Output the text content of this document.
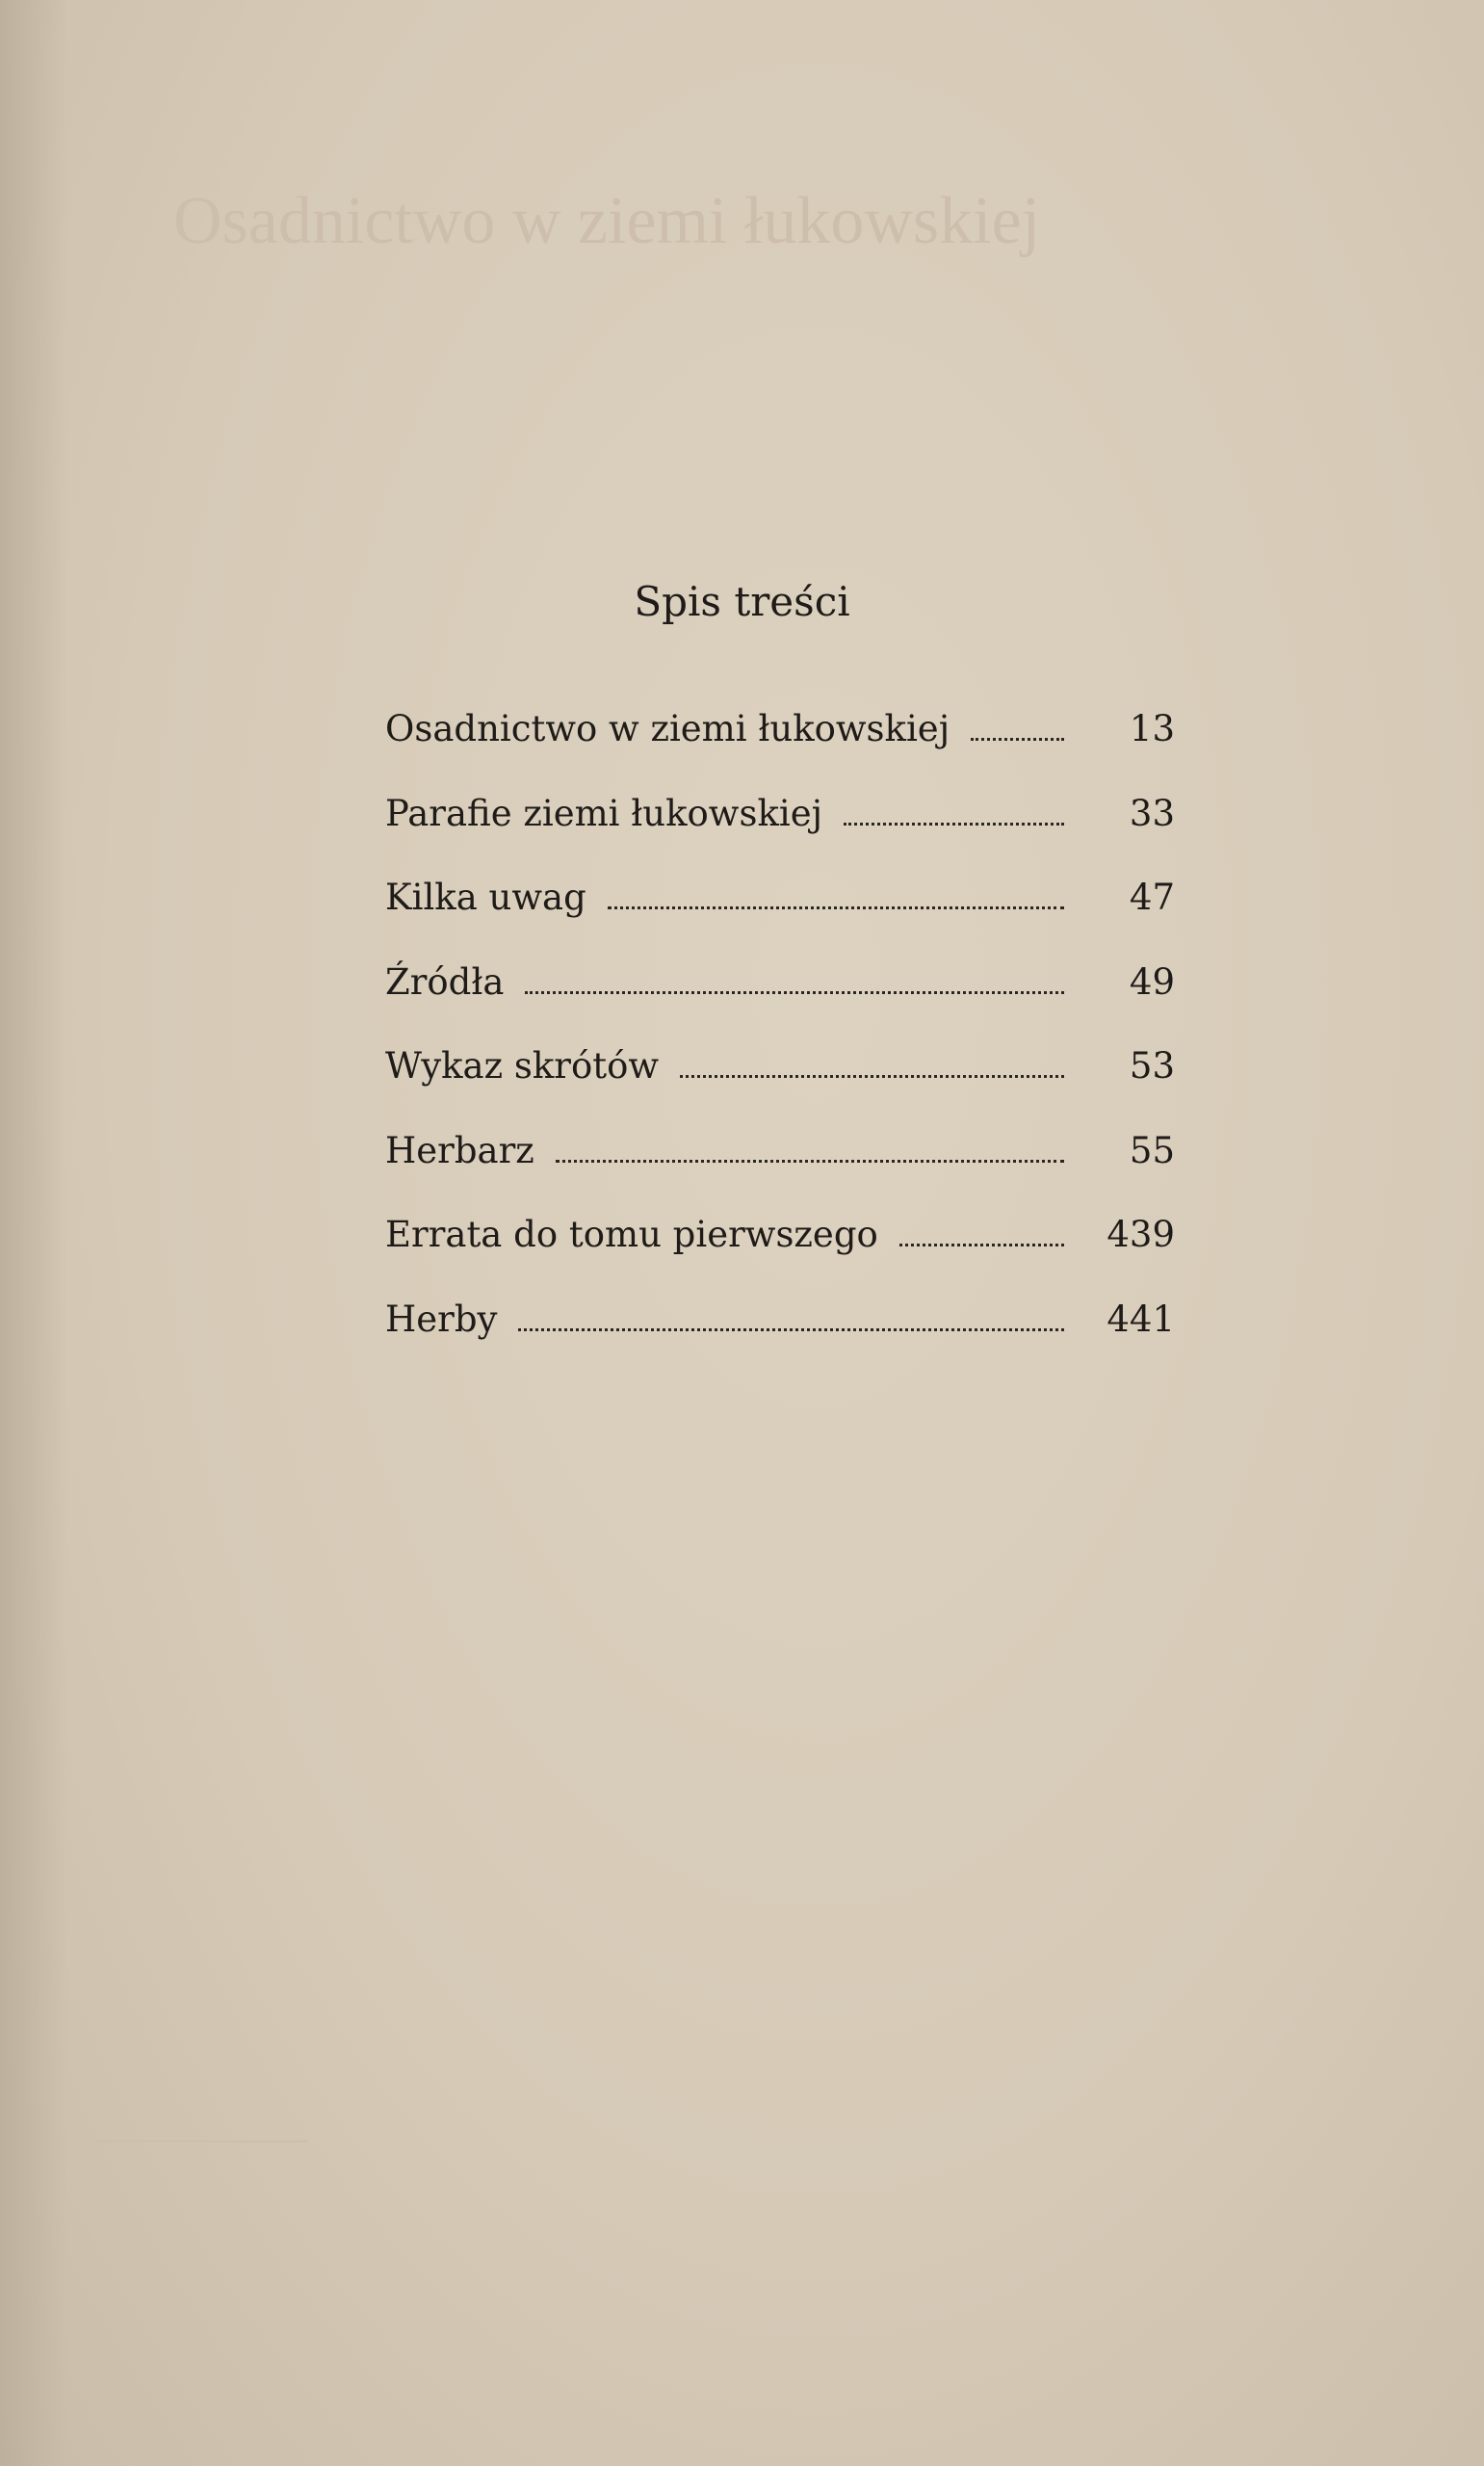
Osadnictwo w ziemi łukowskiej
Spis treści
Osadnictwo w ziemi łukowskiej	13
Parafie ziemi łukowskiej	33
Kilka uwag	47
Źródła	49
Wykaz skrótów	53
Herbarz	55
Errata do tomu pierwszego	439
Herby	441
